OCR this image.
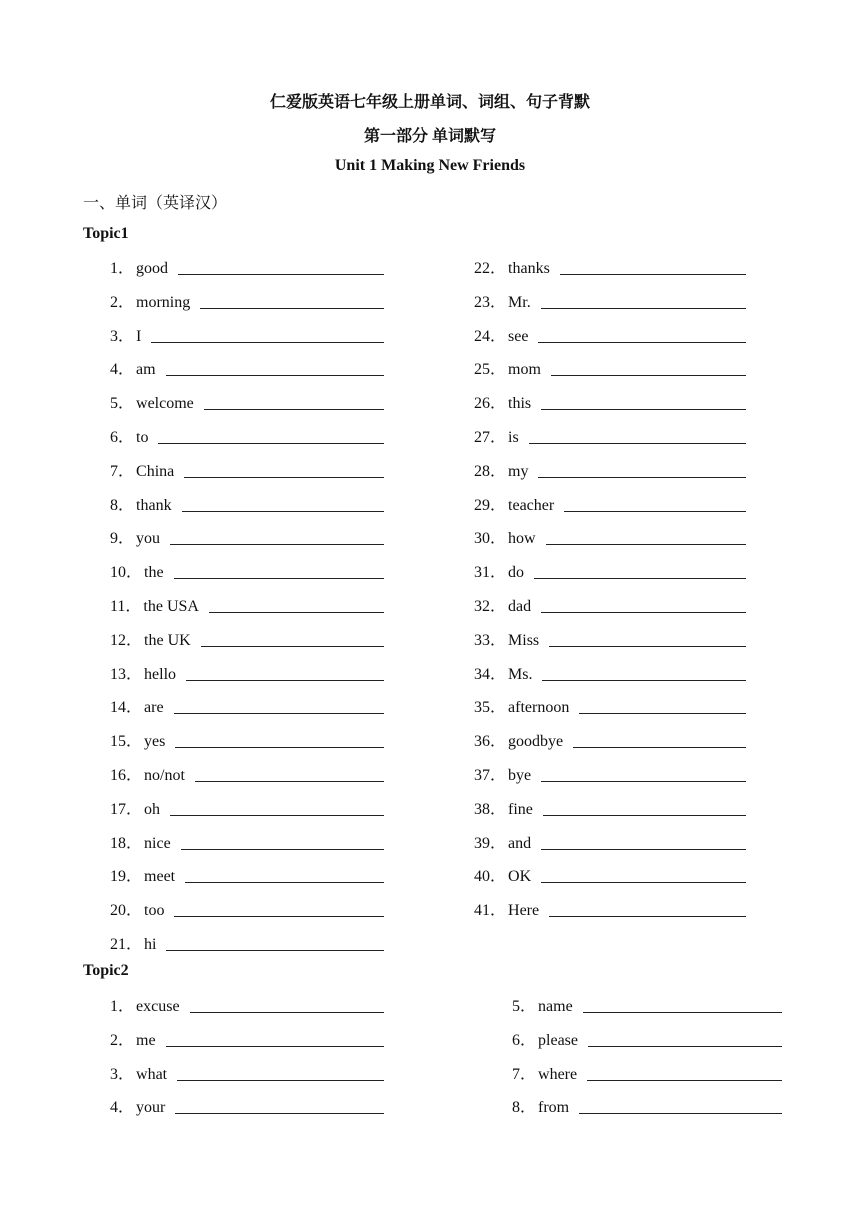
仁爱版英语七年级上册单词、词组、句子背默
第一部分 单词默写
Unit 1 Making New Friends
一、单词（英译汉）
Topic1
Topic2
1． good
2． morning
3． I
4． am
5． welcome
6． to
7． China
8． thank
9． you
10． the
11． the USA
12． the UK
13． hello
14． are
15． yes
16． no/not
17． oh
18． nice
19． meet
20． too
21． hi
22． thanks
23． Mr.
24． see
25． mom
26． this
27． is
28． my
29． teacher
30． how
31． do
32． dad
33． Miss
34． Ms.
35． afternoon
36． goodbye
37． bye
38． fine
39． and
40． OK
41． Here
1． excuse
2． me
3． what
4． your
5． name
6． please
7． where
8． from
